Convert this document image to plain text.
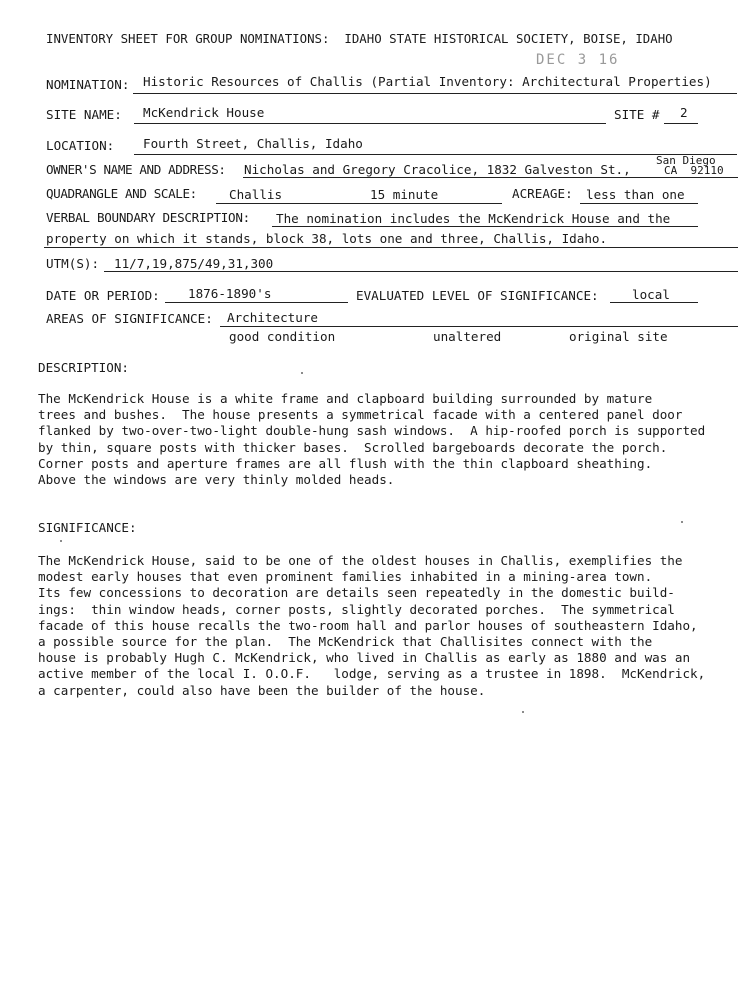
INVENTORY SHEET FOR GROUP NOMINATIONS:  IDAHO STATE HISTORICAL SOCIETY, BOISE, IDAHO
DEC 3 16
NOMINATION: Historic Resources of Challis (Partial Inventory: Architectural Properties)
SITE NAME: McKendrick House	SITE # 2
LOCATION: Fourth Street, Challis, Idaho
OWNER'S NAME AND ADDRESS: Nicholas and Gregory Cracolice, 1832 Galveston St.,
San Diego
CA  92110
QUADRANGLE AND SCALE:	Challis	15 minute	ACREAGE: less than one
VERBAL BOUNDARY DESCRIPTION: The nomination includes the McKendrick House and the
property on which it stands, block 38, lots one and three, Challis, Idaho.
UTM(S): 11/7,19,875/49,31,300
DATE OR PERIOD: 1876-1890's	EVALUATED LEVEL OF SIGNIFICANCE:	local
AREAS OF SIGNIFICANCE: Architecture
good condition	unaltered	original site
DESCRIPTION:
The McKendrick House is a white frame and clapboard building surrounded by mature
trees and bushes.  The house presents a symmetrical facade with a centered panel door
flanked by two-over-two-light double-hung sash windows.  A hip-roofed porch is supported
by thin, square posts with thicker bases.  Scrolled bargeboards decorate the porch.
Corner posts and aperture frames are all flush with the thin clapboard sheathing.
Above the windows are very thinly molded heads.
SIGNIFICANCE:
The McKendrick House, said to be one of the oldest houses in Challis, exemplifies the
modest early houses that even prominent families inhabited in a mining-area town.
Its few concessions to decoration are details seen repeatedly in the domestic build-
ings:  thin window heads, corner posts, slightly decorated porches.  The symmetrical
facade of this house recalls the two-room hall and parlor houses of southeastern Idaho,
a possible source for the plan.  The McKendrick that Challisites connect with the
house is probably Hugh C. McKendrick, who lived in Challis as early as 1880 and was an
active member of the local I. O.O.F.   lodge, serving as a trustee in 1898.  McKendrick,
a carpenter, could also have been the builder of the house.
